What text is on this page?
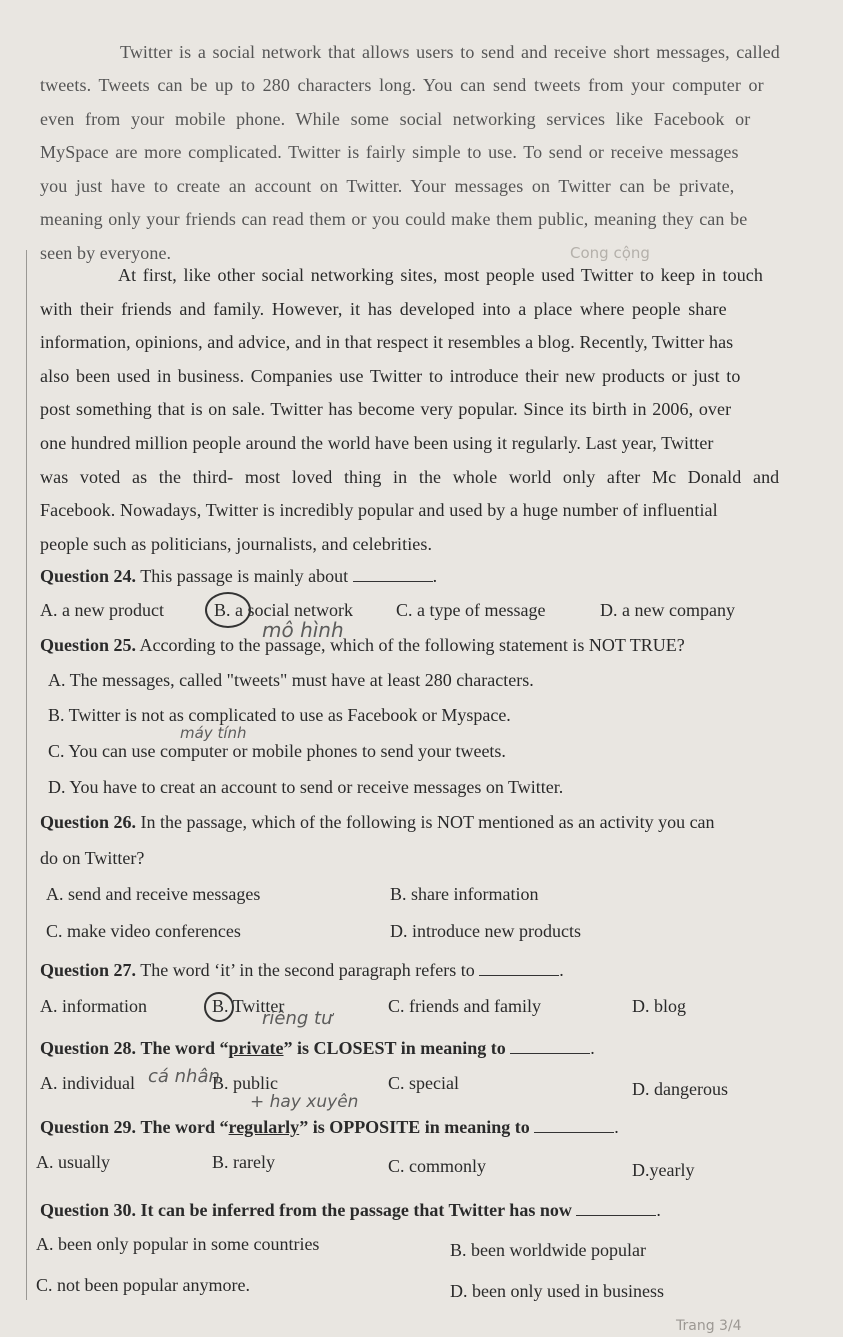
Twitter is a social network that allows users to send and receive short messages, called
tweets. Tweets can be up to 280 characters long. You can send tweets from your computer or
even from your mobile phone. While some social networking services like Facebook or
MySpace are more complicated. Twitter is fairly simple to use. To send or receive messages
you just have to create an account on Twitter. Your messages on Twitter can be private,
meaning only your friends can read them or you could make them public, meaning they can be
seen by everyone.	Cong cộng
At first, like other social networking sites, most people used Twitter to keep in touch
with their friends and family. However, it has developed into a place where people share
information, opinions, and advice, and in that respect it resembles a blog. Recently, Twitter has
also been used in business. Companies use Twitter to introduce their new products or just to
post something that is on sale. Twitter has become very popular. Since its birth in 2006, over
one hundred million people around the world have been using it regularly. Last year, Twitter
was voted as the third- most loved thing in the whole world only after Mc Donald and
Facebook. Nowadays, Twitter is incredibly popular and used by a huge number of influential
people such as politicians, journalists, and celebrities.
Question 24. This passage is mainly about	.
A. a new product	B. a social network C. a type of message	D. a new company
mô hình
Question 25. According to the passage, which of the following statement is NOT TRUE?
A. The messages, called "tweets" must have at least 280 characters.
B. Twitter is not as complicated to use as Facebook or Myspace.
máy tính
C. You can use computer or mobile phones to send your tweets.
D. You have to creat an account to send or receive messages on Twitter.
Question 26. In the passage, which of the following is NOT mentioned as an activity you can
do on Twitter?
A. send and receive messages	B. share information
C. make video conferences	D. introduce new products
Question 27. The word ‘it’ in the second paragraph refers to	.
A. information	B. Twitter	C. friends and family	D. blog
riêng tư
Question 28. The word “private” is CLOSEST in meaning to	.
A. individual cá nhân
B. public	C. special	D. dangerous
+ hay xuyên
Question 29. The word “regularly” is OPPOSITE in meaning to	.
A. usually	B. rarely	C. commonly	D.yearly
Question 30. It can be inferred from the passage that Twitter has now	.
A. been only popular in some countries	B. been worldwide popular
C. not been popular anymore.	D. been only used in business
Trang 3/4
